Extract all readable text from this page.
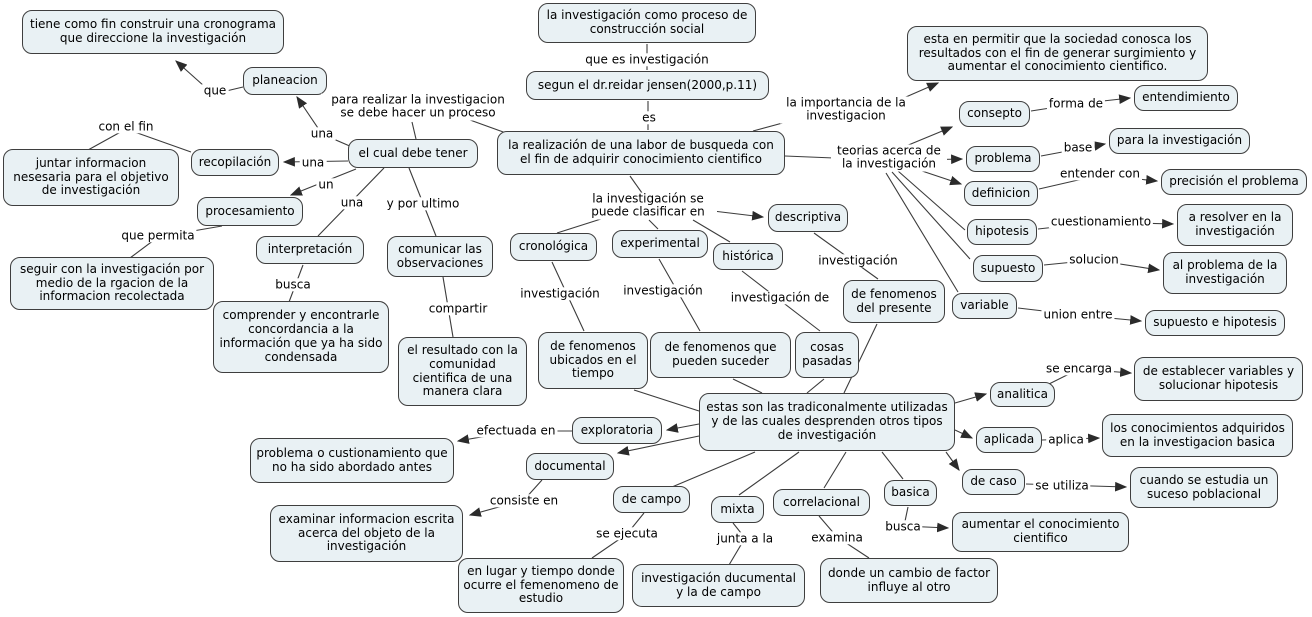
tiene como fin construir una cronograma que direccione la investigación
planeacion
la investigación como proceso de construcción social
segun el dr.reidar jensen(2000,p.11)
esta en permitir que la sociedad conosca los resultados con el fin de generar surgimiento y aumentar el conocimiento cientifico.
la realización de una labor de busqueda con el fin de adquirir conocimiento cientifico
el cual debe tener
recopilación
juntar informacion nesesaria para el objetivo de investigación
procesamiento
seguir con la investigación por medio de la rgacion de la informacion recolectada
interpretación
comprender y encontrarle concordancia a la información que ya ha sido condensada
comunicar las observaciones
el resultado con la comunidad cientifica de una manera clara
cronológica	experimental
histórica
descriptiva
de fenomenos ubicados en el tiempo
de fenomenos que pueden suceder
cosas pasadas
de fenomenos del presente
consepto
problema
definicion
hipotesis
supuesto
variable
entendimiento
para la investigación
precisión el problema
a resolver en la investigación
al problema de la investigación
supuesto e hipotesis
estas son las tradiconalmente utilizadas y de las cuales desprenden otros tipos de investigación
analitica
aplicada
de caso
basica
de establecer variables y solucionar hipotesis
los conocimientos adquiridos en la investigacion basica
cuando se estudia un suceso poblacional
aumentar el conocimiento cientifico
exploratoria
documental
de campo
mixta	correlacional
problema o custionamiento que no ha sido abordado antes
examinar informacion escrita acerca del objeto de la investigación
en lugar y tiempo donde ocurre el femenomeno de estudio
investigación ducumental y la de campo
donde un cambio de factor influye al otro
que
con el fin
para realizar la investigacion se debe hacer un proceso
que es investigación
es
la importancia de la investigacion
teorias acerca de la investigación
una
una
un
una y por ultimo
que permita
busca
compartir
la investigación se puede clasificar en
investigación investigación investigación de
investigación
forma de
base
entender con
cuestionamiento
solucion
union entre
se encarga
aplica
se utiliza
busca
efectuada en
consiste en
se ejecuta	junta a la	examina
